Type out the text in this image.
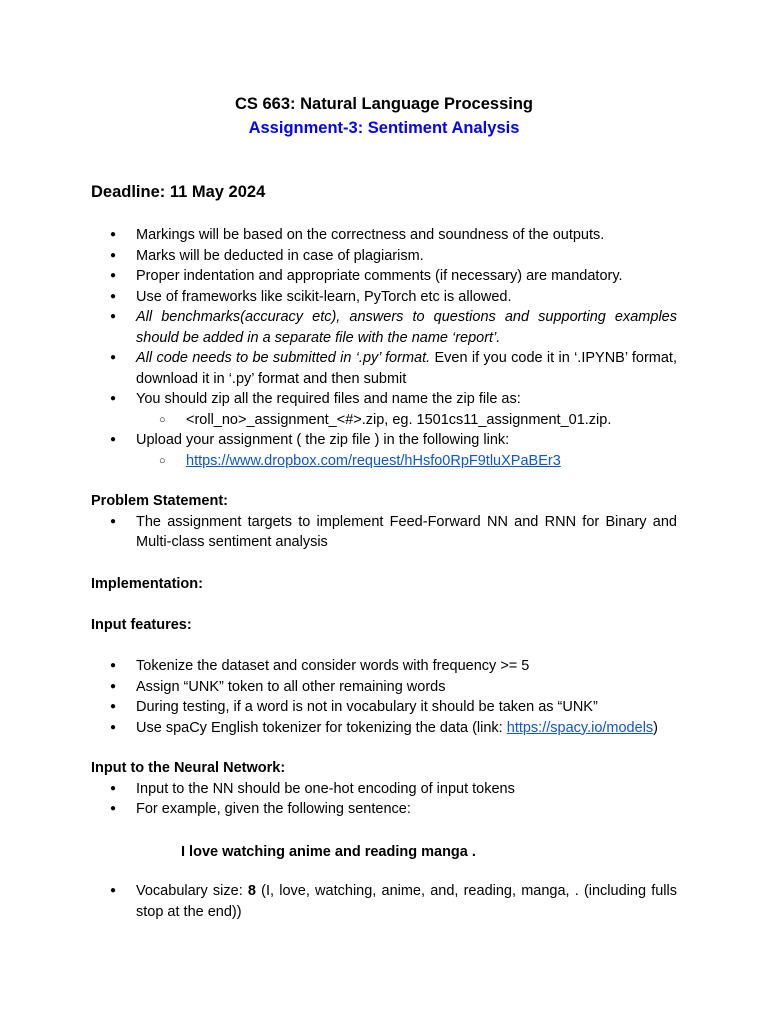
CS 663: Natural Language Processing
Assignment-3: Sentiment Analysis
Deadline: 11 May 2024
● Markings will be based on the correctness and soundness of the outputs.
● Marks will be deducted in case of plagiarism.
● Proper indentation and appropriate comments (if necessary) are mandatory.
● Use of frameworks like scikit-learn, PyTorch etc is allowed.
● All benchmarks(accuracy etc), answers to questions and supporting examples should be added in a separate file with the name ‘report’.
● All code needs to be submitted in ‘.py’ format. Even if you code it in ‘.IPYNB’ format, download it in ‘.py’ format and then submit
● You should zip all the required files and name the zip file as:
○ <roll_no>_assignment_<#>.zip, eg. 1501cs11_assignment_01.zip.
● Upload your assignment ( the zip file ) in the following link:
○ https://www.dropbox.com/request/hHsfo0RpF9tluXPaBEr3
Problem Statement:
● The assignment targets to implement Feed-Forward NN and RNN for Binary and Multi-class sentiment analysis
Implementation:
Input features:
● Tokenize the dataset and consider words with frequency >= 5
● Assign “UNK” token to all other remaining words
● During testing, if a word is not in vocabulary it should be taken as “UNK”
● Use spaCy English tokenizer for tokenizing the data (link: https://spacy.io/models)
Input to the Neural Network:
● Input to the NN should be one-hot encoding of input tokens
● For example, given the following sentence:
I love watching anime and reading manga .
● Vocabulary size: 8 (I, love, watching, anime, and, reading, manga, . (including fulls stop at the end))
